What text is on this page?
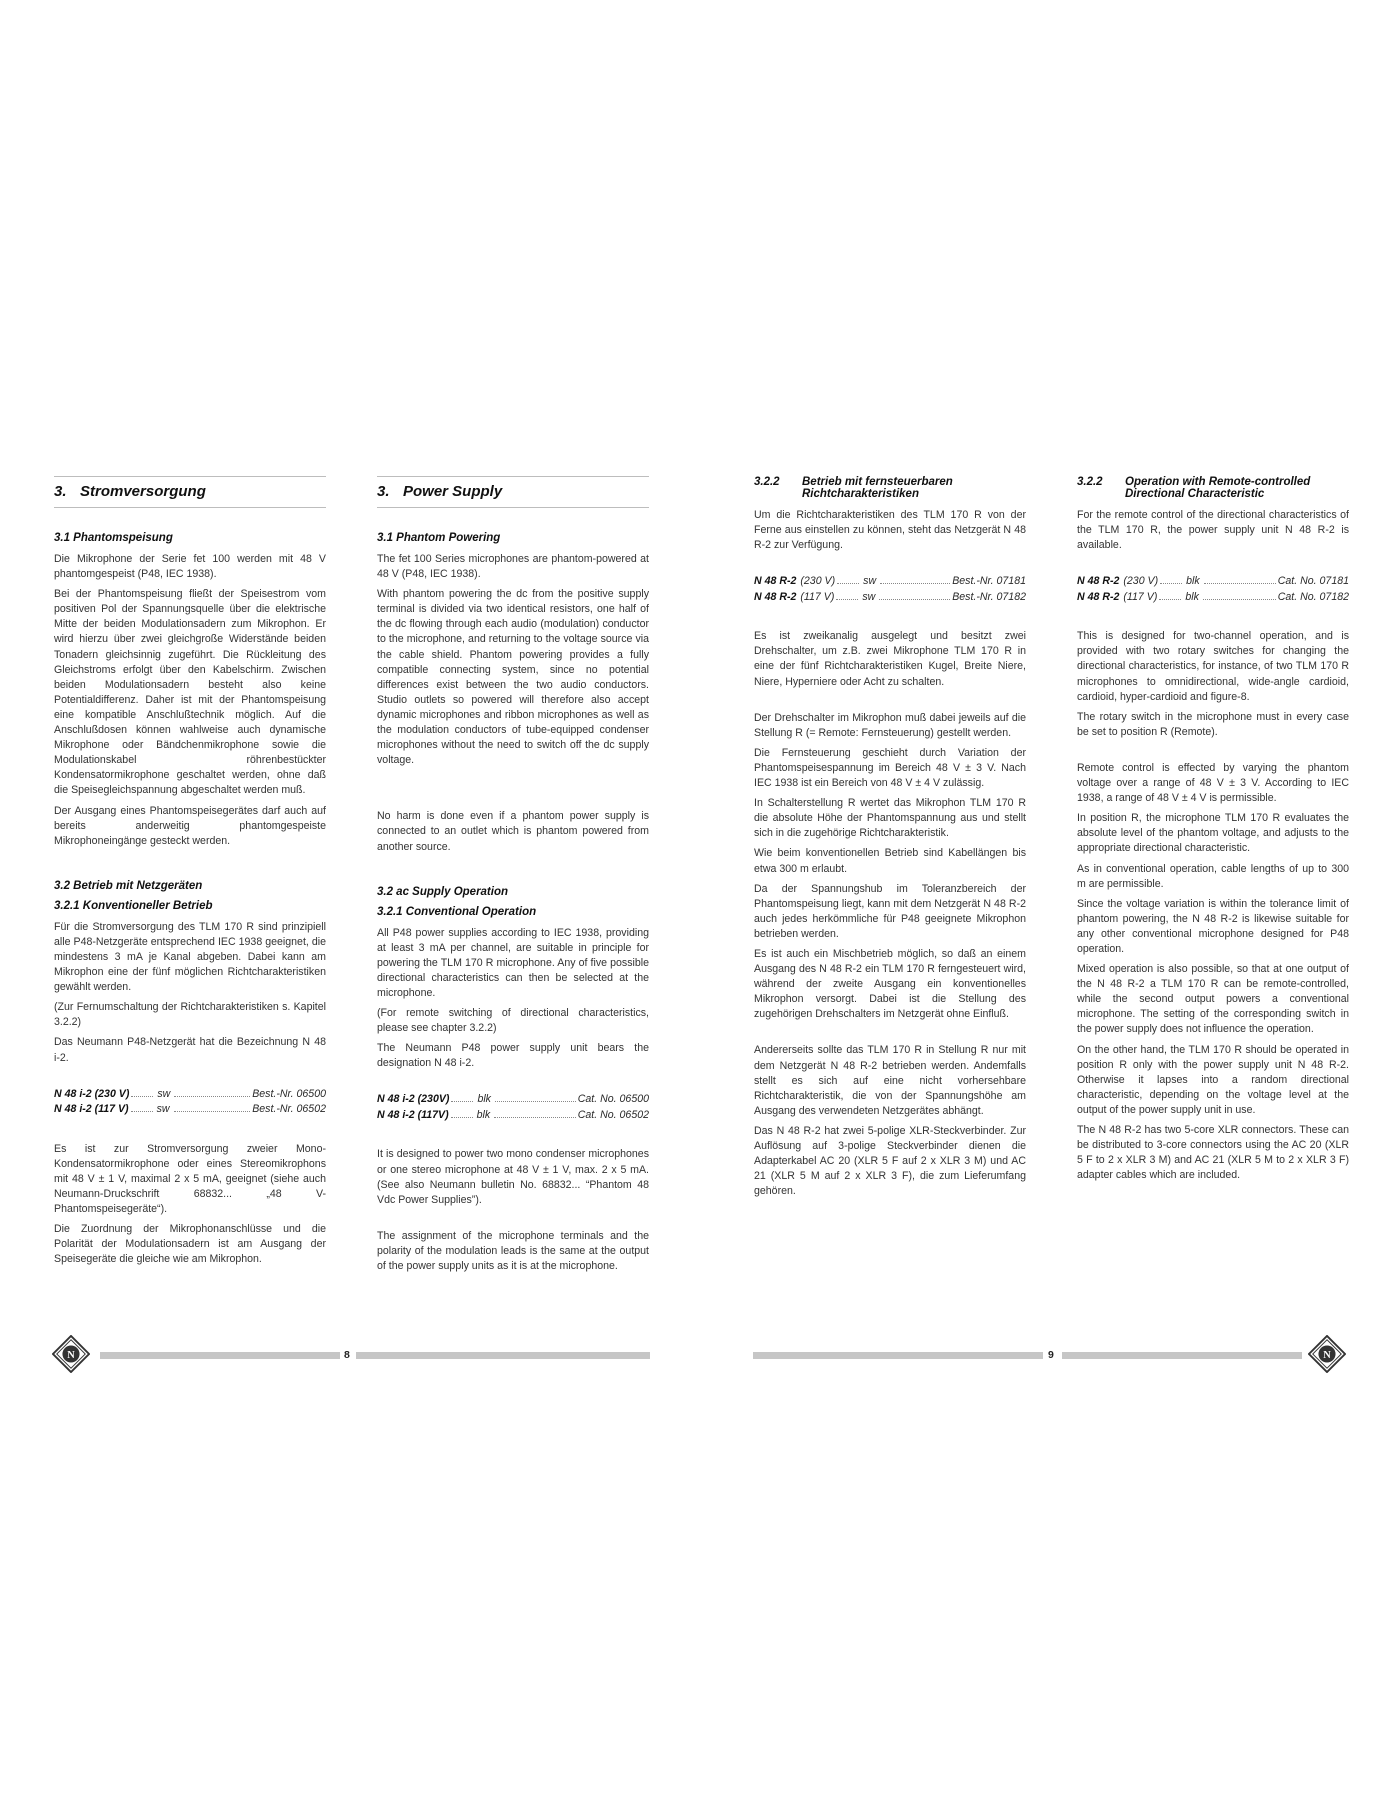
3. Stromversorgung
3.1 Phantomspeisung

Die Mikrophone der Serie fet 100 werden mit 48 V phantomgespeist (P48, IEC 1938).

Bei der Phantomspeisung fließt der Speisestrom vom positiven Pol der Spannungsquelle über die elektrische Mitte der beiden Modulationsadern zum Mikrophon. Er wird hierzu über zwei gleichgroße Widerstände beiden Tonadern gleichsinnig zugeführt. Die Rückleitung des Gleichstroms erfolgt über den Kabelschirm. Zwischen beiden Modulationsadern besteht also keine Potentialdifferenz. Daher ist mit der Phantomspeisung eine kompatible Anschlußtechnik möglich. Auf die Anschlußdosen können wahlweise auch dynamische Mikrophone oder Bändchenmikrophone sowie die Modulationskabel röhrenbestückter Kondensatormikrophone geschaltet werden, ohne daß die Speisegleichspannung abgeschaltet werden muß.

Der Ausgang eines Phantomspeisegerätes darf auch auf bereits anderweitig phantomgespeiste Mikrophoneingänge gesteckt werden.

3.2 Betrieb mit Netzgeräten
3.2.1 Konventioneller Betrieb

Für die Stromversorgung des TLM 170 R sind prinzipiell alle P48-Netzgeräte entsprechend IEC 1938 geeignet, die mindestens 3 mA je Kanal abgeben. Dabei kann am Mikrophon eine der fünf möglichen Richtcharakteristiken gewählt werden.

(Zur Fernumschaltung der Richtcharakteristiken s. Kapitel 3.2.2)

Das Neumann P48-Netzgerät hat die Bezeichnung N 48 i-2.

N 48 i-2 (230 V)	sw	Best.-Nr. 06500
N 48 i-2 (117 V)	sw	Best.-Nr. 06502

Es ist zur Stromversorgung zweier Mono-Kondensatormikrophone oder eines Stereomikrophons mit 48 V ± 1 V, maximal 2 x 5 mA, geeignet (siehe auch Neumann-Druckschrift 68832... „48 V-Phantomspeisegeräte“).

Die Zuordnung der Mikrophonanschlüsse und die Polarität der Modulationsadern ist am Ausgang der Speisegeräte die gleiche wie am Mikrophon.

3. Power Supply
3.1 Phantom Powering

The fet 100 Series microphones are phantom-powered at 48 V (P48, IEC 1938).

With phantom powering the dc from the positive supply terminal is divided via two identical resistors, one half of the dc flowing through each audio (modulation) conductor to the microphone, and returning to the voltage source via the cable shield. Phantom powering provides a fully compatible connecting system, since no potential differences exist between the two audio conductors. Studio outlets so powered will therefore also accept dynamic microphones and ribbon microphones as well as the modulation conductors of tube-equipped condenser microphones without the need to switch off the dc supply voltage.

No harm is done even if a phantom power supply is connected to an outlet which is phantom powered from another source.

3.2 ac Supply Operation
3.2.1 Conventional Operation

All P48 power supplies according to IEC 1938, providing at least 3 mA per channel, are suitable in principle for powering the TLM 170 R microphone. Any of five possible directional characteristics can then be selected at the microphone.

(For remote switching of directional characteristics, please see chapter 3.2.2)

The Neumann P48 power supply unit bears the designation N 48 i-2.

N 48 i-2 (230V)	blk	Cat. No. 06500
N 48 i-2 (117V)	blk	Cat. No. 06502

It is designed to power two mono condenser microphones or one stereo microphone at 48 V ± 1 V, max. 2 x 5 mA. (See also Neumann bulletin No. 68832... “Phantom 48 Vdc Power Supplies”).

The assignment of the microphone terminals and the polarity of the modulation leads is the same at the output of the power supply units as it is at the microphone.

3.2.2	Betrieb mit fernsteuerbaren Richtcharakteristiken

Um die Richtcharakteristiken des TLM 170 R von der Ferne aus einstellen zu können, steht das Netzgerät N 48 R-2 zur Verfügung.

N 48 R-2 (230 V)	sw	Best.-Nr. 07181
N 48 R-2 (117 V)	sw	Best.-Nr. 07182

Es ist zweikanalig ausgelegt und besitzt zwei Drehschalter, um z.B. zwei Mikrophone TLM 170 R in eine der fünf Richtcharakteristiken Kugel, Breite Niere, Niere, Hyperniere oder Acht zu schalten.

Der Drehschalter im Mikrophon muß dabei jeweils auf die Stellung R (= Remote: Fernsteuerung) gestellt werden.

Die Fernsteuerung geschieht durch Variation der Phantomspeisespannung im Bereich 48 V ± 3 V. Nach IEC 1938 ist ein Bereich von 48 V ± 4 V zulässig.

In Schalterstellung R wertet das Mikrophon TLM 170 R die absolute Höhe der Phantomspannung aus und stellt sich in die zugehörige Richtcharakteristik.

Wie beim konventionellen Betrieb sind Kabellängen bis etwa 300 m erlaubt.

Da der Spannungshub im Toleranzbereich der Phantomspeisung liegt, kann mit dem Netzgerät N 48 R-2 auch jedes herkömmliche für P48 geeignete Mikrophon betrieben werden.

Es ist auch ein Mischbetrieb möglich, so daß an einem Ausgang des N 48 R-2 ein TLM 170 R ferngesteuert wird, während der zweite Ausgang ein konventionelles Mikrophon versorgt. Dabei ist die Stellung des zugehörigen Drehschalters im Netzgerät ohne Einfluß.

Andererseits sollte das TLM 170 R in Stellung R nur mit dem Netzgerät N 48 R-2 betrieben werden. Andemfalls stellt es sich auf eine nicht vorhersehbare Richtcharakteristik, die von der Spannungshöhe am Ausgang des verwendeten Netzgerätes abhängt.

Das N 48 R-2 hat zwei 5-polige XLR-Steckverbinder. Zur Auflösung auf 3-polige Steckverbinder dienen die Adapterkabel AC 20 (XLR 5 F auf 2 x XLR 3 M) und AC 21 (XLR 5 M auf 2 x XLR 3 F), die zum Lieferumfang gehören.

3.2.2	Operation with Remote-controlled Directional Characteristic

For the remote control of the directional characteristics of the TLM 170 R, the power supply unit N 48 R-2 is available.

N 48 R-2 (230 V)	blk	Cat. No. 07181
N 48 R-2 (117 V)	blk	Cat. No. 07182

This is designed for two-channel operation, and is provided with two rotary switches for changing the directional characteristics, for instance, of two TLM 170 R microphones to omnidirectional, wide-angle cardioid, cardioid, hyper-cardioid and figure-8.

The rotary switch in the microphone must in every case be set to position R (Remote).

Remote control is effected by varying the phantom voltage over a range of 48 V ± 3 V. According to IEC 1938, a range of 48 V ± 4 V is permissible.

In position R, the microphone TLM 170 R evaluates the absolute level of the phantom voltage, and adjusts to the appropriate directional characteristic.

As in conventional operation, cable lengths of up to 300 m are permissible.

Since the voltage variation is within the tolerance limit of phantom powering, the N 48 R-2 is likewise suitable for any other conventional microphone designed for P48 operation.

Mixed operation is also possible, so that at one output of the N 48 R-2 a TLM 170 R can be remote-controlled, while the second output powers a conventional microphone. The setting of the corresponding switch in the power supply does not influence the operation.

On the other hand, the TLM 170 R should be operated in position R only with the power supply unit N 48 R-2. Otherwise it lapses into a random directional characteristic, depending on the voltage level at the output of the power supply unit in use.

The N 48 R-2 has two 5-core XLR connectors. These can be distributed to 3-core connectors using the AC 20 (XLR 5 F to 2 x XLR 3 M) and AC 21 (XLR 5 M to 2 x XLR 3 F) adapter cables which are included.

N	8	9	N
